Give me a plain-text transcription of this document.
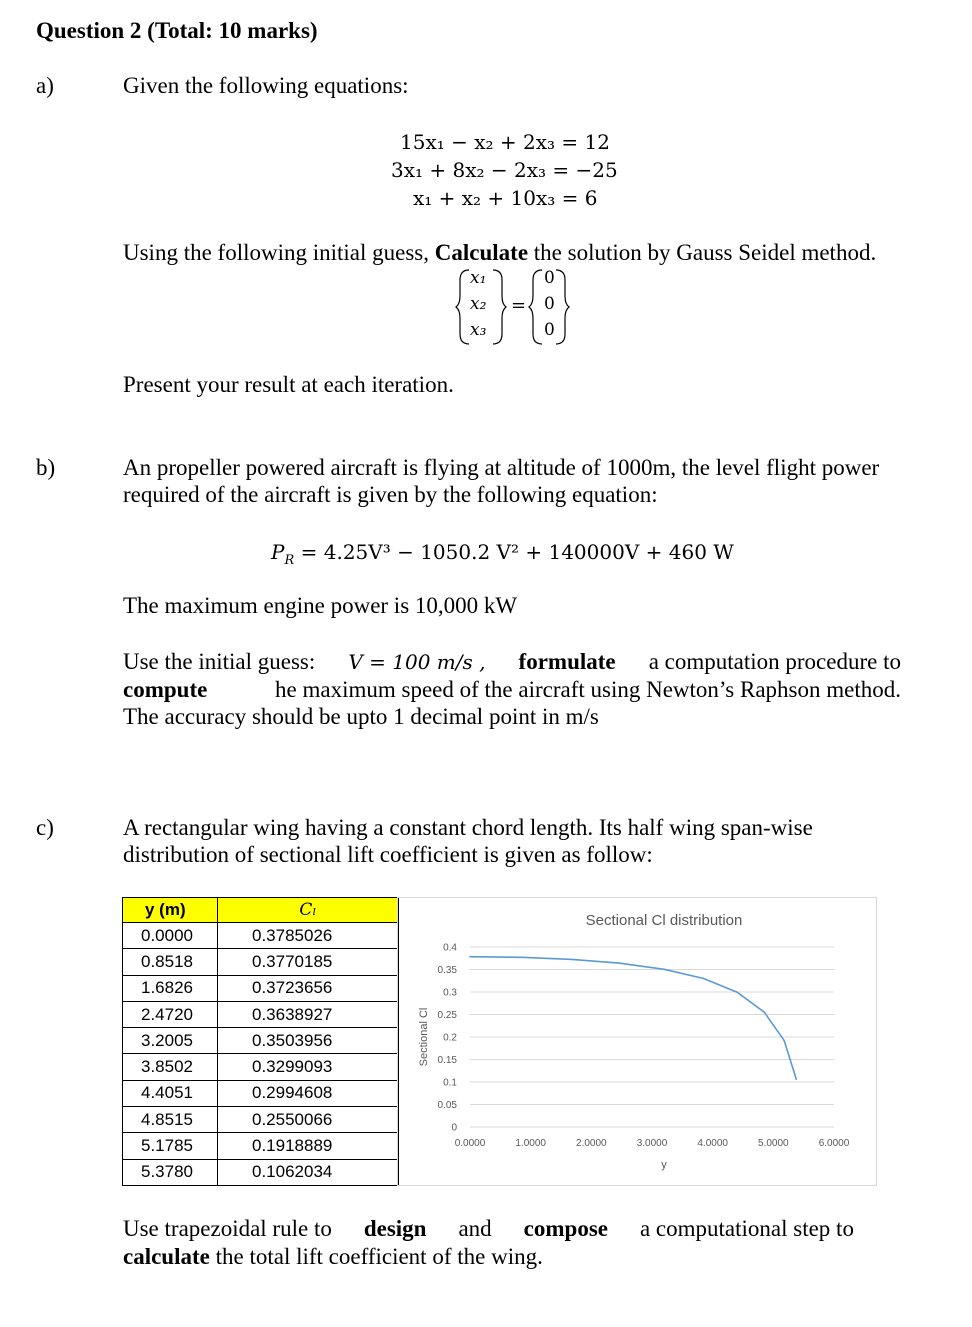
Question 2 (Total: 10 marks)
a)	Given the following equations:
15x₁ − x₂ + 2x₃ = 12
3x₁ + 8x₂ − 2x₃ = −25
x₁ + x₂ + 10x₃ = 6
Using the following initial guess, Calculate the solution by Gauss Seidel method.
x₁
x₂
x₃
=
0
0
0
Present your result at each iteration.
b)	An propeller powered aircraft is flying at altitude of 1000m, the level flight power
required of the aircraft is given by the following equation:
$P_R = 4.25V^3 - 1050.2$ V² + 140000V + 460 W
The maximum engine power is 10,000 kW
Use the initial guess: V = 100 m/s , formulate a computation procedure to
compute	he maximum speed of the aircraft using Newton’s Raphson method.
The accuracy should be upto 1 decimal point in m/s
c)	A rectangular wing having a constant chord length. Its half wing span-wise
distribution of sectional lift coefficient is given as follow:
y (m)	Cₗ
0.0000	0.3785026
0.8518	0.3770185
1.6826	0.3723656
2.4720	0.3638927
3.2005	0.3503956
3.8502	0.3299093
4.4051	0.2994608
4.8515	0.2550066
5.1785	0.1918889
5.3780	0.1062034
0
0.05
0.1
0.15
0.2
0.25
0.3
0.35
0.4
0.0000	1.0000	2.0000	3.0000	4.0000	5.0000	6.0000
Sectional Cl distribution
y
Sectional Cl
Use trapezoidal rule to design and compose a computational step to
calculate the total lift coefficient of the wing.
